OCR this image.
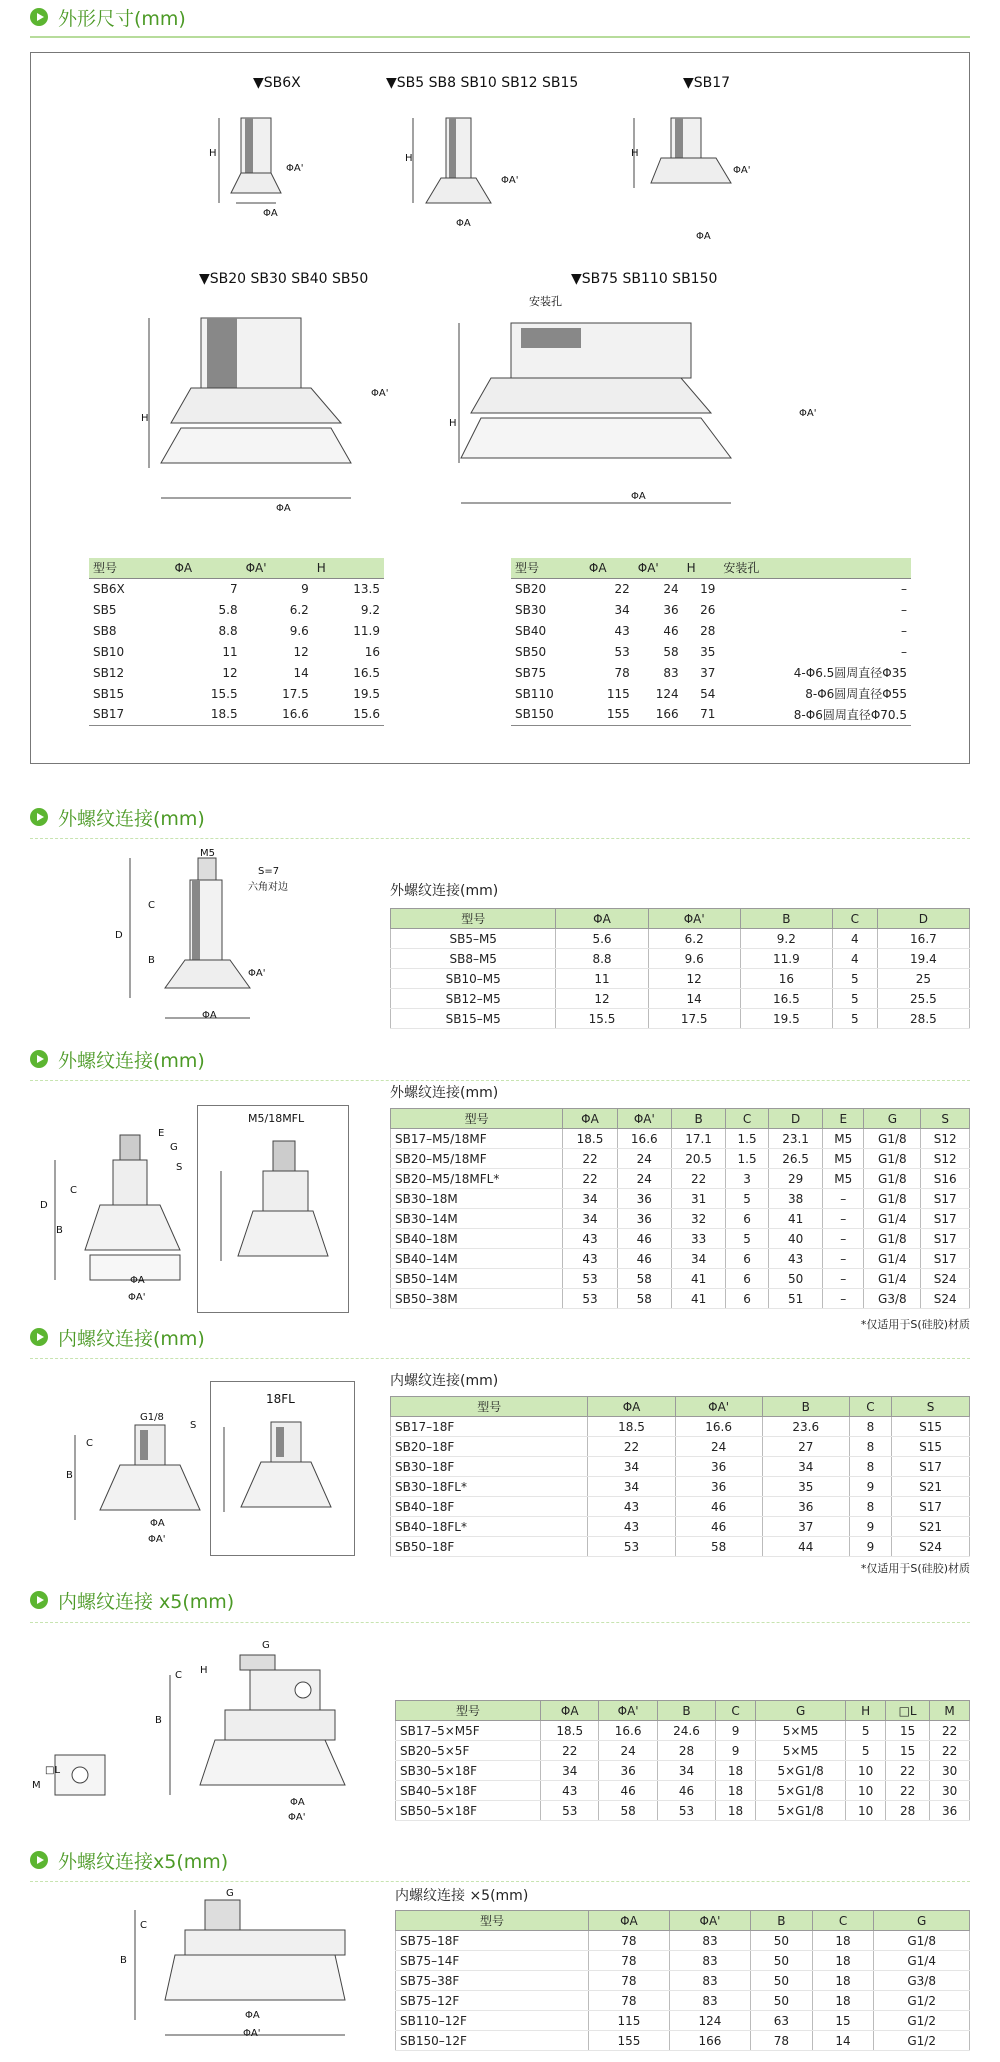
外形尺寸(mm)
▼SB6X	▼SB5 SB8 SB10 SB12 SB15	▼SB17
▼SB20 SB30 SB40 SB50	▼SB75 SB110 SB150
安装孔
H
ΦA'
ΦA
H
ΦA'
ΦA
H
ΦA'
ΦA
H
ΦA'
ΦA
H
ΦA'
ΦA
型号	ΦA	ΦA'	H
SB6X	7	9	13.5
SB5	5.8	6.2	9.2
SB8	8.8	9.6	11.9
SB10	11	12	16
SB12	12	14	16.5
SB15	15.5	17.5	19.5
SB17	18.5	16.6	15.6
型号	ΦA	ΦA'	H	安装孔
SB20	22	24	19	–
SB30	34	36	26	–
SB40	43	46	28	–
SB50	53	58	35	–
SB75	78	83	37	4-Φ6.5圆周直径Φ35
SB110	115	124	54	8-Φ6圆周直径Φ55
SB150	155	166	71	8-Φ6圆周直径Φ70.5
外螺纹连接(mm)
M5
S=7
六角对边
C
D
B
ΦA'
ΦA
外螺纹连接(mm)
型号	ΦA	ΦA'	B	C	D
SB5–M5	5.6	6.2	9.2	4	16.7
SB8–M5	8.8	9.6	11.9	4	19.4
SB10–M5	11	12	16	5	25
SB12–M5	12	14	16.5	5	25.5
SB15–M5	15.5	17.5	19.5	5	28.5
外螺纹连接(mm)
E
G
S
C
D
B
ΦA
ΦA'
M5/18MFL
外螺纹连接(mm)
型号	ΦA	ΦA'	B	C	D	E	G	S
SB17–M5/18MF	18.5	16.6	17.1	1.5	23.1	M5	G1/8	S12
SB20–M5/18MF	22	24	20.5	1.5	26.5	M5	G1/8	S12
SB20–M5/18MFL*	22	24	22	3	29	M5	G1/8	S16
SB30–18M	34	36	31	5	38	–	G1/8	S17
SB30–14M	34	36	32	6	41	–	G1/4	S17
SB40–18M	43	46	33	5	40	–	G1/8	S17
SB40–14M	43	46	34	6	43	–	G1/4	S17
SB50–14M	53	58	41	6	50	–	G1/4	S24
SB50–38M	53	58	41	6	51	–	G3/8	S24
*仅适用于S(硅胶)材质
内螺纹连接(mm)
G1/8
S
C
B
ΦA
ΦA'
18FL
内螺纹连接(mm)
型号	ΦA	ΦA'	B	C	S
SB17–18F	18.5	16.6	23.6	8	S15
SB20–18F	22	24	27	8	S15
SB30–18F	34	36	34	8	S17
SB30–18FL*	34	36	35	9	S21
SB40–18F	43	46	36	8	S17
SB40–18FL*	43	46	37	9	S21
SB50–18F	53	58	44	9	S24
*仅适用于S(硅胶)材质
内螺纹连接 x5(mm)
G
C H
B
M
□L
ΦA
ΦA'
型号	ΦA	ΦA'	B	C	G	H	□L	M
SB17–5×M5F	18.5	16.6	24.6	9	5×M5	5	15	22
SB20–5×5F	22	24	28	9	5×M5	5	15	22
SB30–5×18F	34	36	34	18	5×G1/8	10	22	30
SB40–5×18F	43	46	46	18	5×G1/8	10	22	30
SB50–5×18F	53	58	53	18	5×G1/8	10	28	36
外螺纹连接x5(mm)
G
C
B
ΦA
ΦA'
内螺纹连接 ×5(mm)
型号	ΦA	ΦA'	B	C	G
SB75–18F	78	83	50	18	G1/8
SB75–14F	78	83	50	18	G1/4
SB75–38F	78	83	50	18	G3/8
SB75–12F	78	83	50	18	G1/2
SB110–12F	115	124	63	15	G1/2
SB150–12F	155	166	78	14	G1/2
